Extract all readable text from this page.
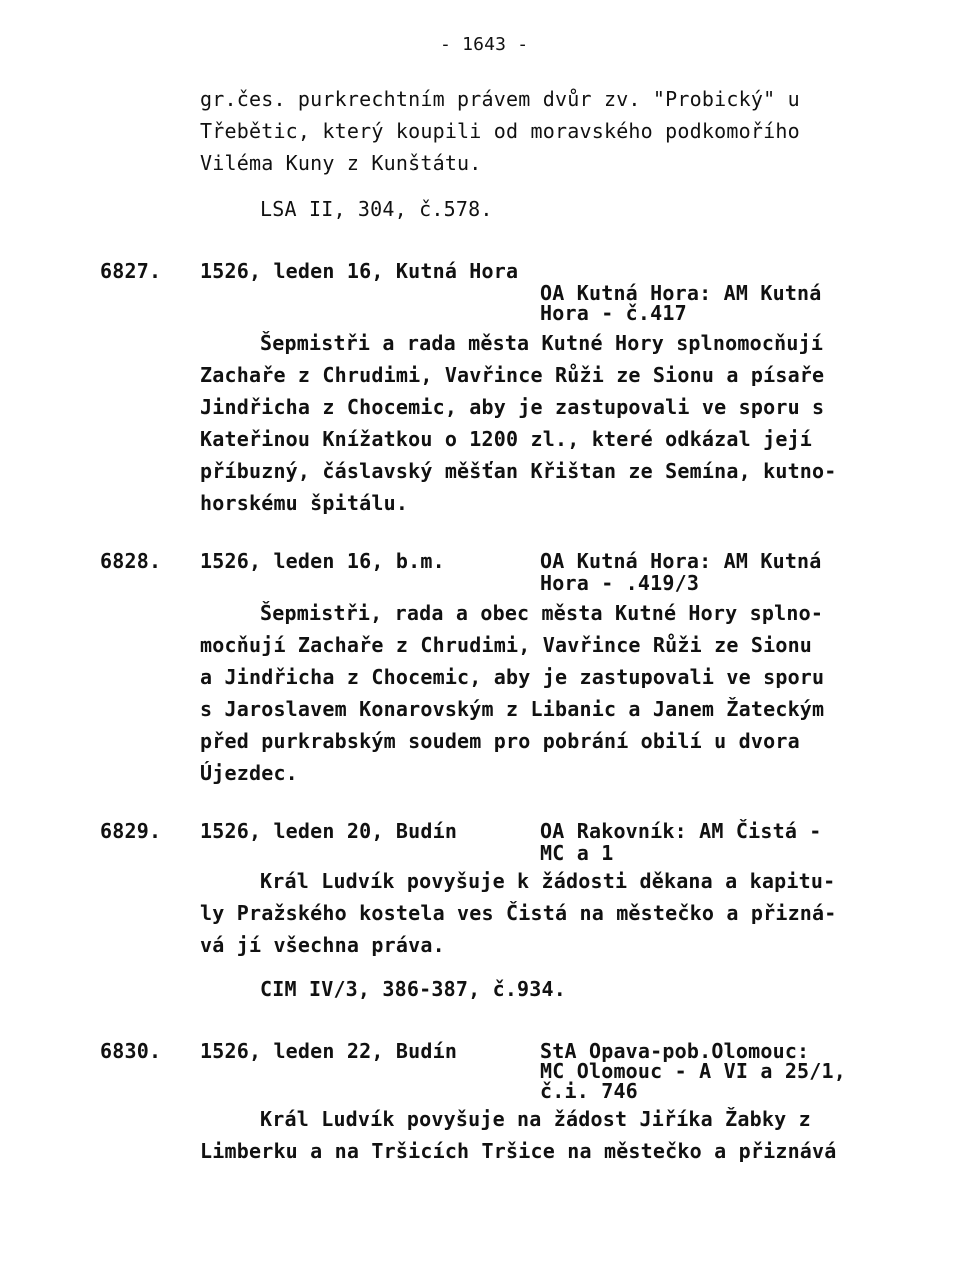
- 1643 -
gr.čes. purkrechtním právem dvůr zv. "Probický" u
Třebětic, který koupili od moravského podkomořího
Viléma Kuny z Kunštátu.
LSA II, 304, č.578.
6827. 1526, leden 16, Kutná Hora
OA Kutná Hora: AM Kutná
Hora - č.417
Šepmistři a rada města Kutné Hory splnomocňují
Zachaře z Chrudimi, Vavřince Růži ze Sionu a písaře
Jindřicha z Chocemic, aby je zastupovali ve sporu s
Kateřinou Knížatkou o 1200 zl., které odkázal její
příbuzný, čáslavský měšťan Křištan ze Semína, kutno-
horskému špitálu.
6828. 1526, leden 16, b.m.	OA Kutná Hora: AM Kutná
Hora - .419/3
Šepmistři, rada a obec města Kutné Hory splno-
mocňují Zachaře z Chrudimi, Vavřince Růži ze Sionu
a Jindřicha z Chocemic, aby je zastupovali ve sporu
s Jaroslavem Konarovským z Libanic a Janem Žateckým
před purkrabským soudem pro pobrání obilí u dvora
Újezdec.
6829. 1526, leden 20, Budín	OA Rakovník: AM Čistá -
MC a 1
Král Ludvík povyšuje k žádosti děkana a kapitu-
ly Pražského kostela ves Čistá na městečko a přizná-
vá jí všechna práva.
CIM IV/3, 386-387, č.934.
6830. 1526, leden 22, Budín	StA Opava-pob.Olomouc:
MC Olomouc - A VI a 25/1,
č.i. 746
Král Ludvík povyšuje na žádost Jiříka Žabky z
Limberku a na Tršicích Tršice na městečko a přiznává
